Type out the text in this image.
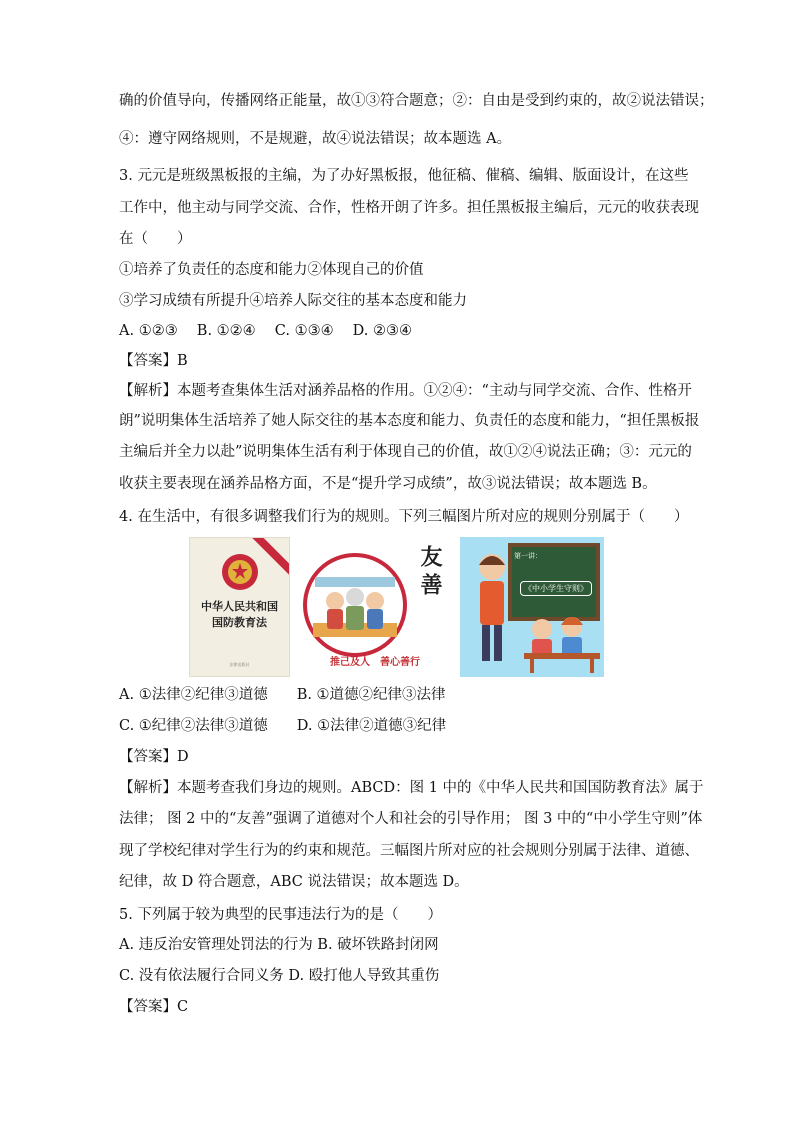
确的价值导向，传播网络正能量，故①③符合题意；②：自由是受到约束的，故②说法错误；
④：遵守网络规则，不是规避，故④说法错误；故本题选 A。
3. 元元是班级黑板报的主编，为了办好黑板报，他征稿、催稿、编辑、版面设计，在这些
工作中，他主动与同学交流、合作，性格开朗了许多。担任黑板报主编后，元元的收获表现
在（　　）
①培养了负责任的态度和能力②体现自己的价值
③学习成绩有所提升④培养人际交往的基本态度和能力
A. ①②③　 B. ①②④　 C. ①③④　 D. ②③④
【答案】B
【解析】本题考查集体生活对涵养品格的作用。①②④：“主动与同学交流、合作、性格开
朗”说明集体生活培养了她人际交往的基本态度和能力、负责任的态度和能力，“担任黑板报
主编后并全力以赴”说明集体生活有利于体现自己的价值，故①②④说法正确；③：元元的
收获主要表现在涵养品格方面，不是“提升学习成绩”，故③说法错误；故本题选 B。
4. 在生活中，有很多调整我们行为的规则。下列三幅图片所对应的规则分别属于（　　）
中华人民共和国
国防教育法
法律出版社
友善
推己及人　善心善行
第一讲：
《中小学生守则》
A. ①法律②纪律③道德　　B. ①道德②纪律③法律
C. ①纪律②法律③道德　　D. ①法律②道德③纪律
【答案】D
【解析】本题考查我们身边的规则。ABCD：图 1 中的《中华人民共和国国防教育法》属于
法律； 图 2 中的“友善”强调了道德对个人和社会的引导作用； 图 3 中的“中小学生守则”体
现了学校纪律对学生行为的约束和规范。三幅图片所对应的社会规则分别属于法律、道德、
纪律，故 D 符合题意，ABC 说法错误；故本题选 D。
5. 下列属于较为典型的民事违法行为的是（　　）
A. 违反治安管理处罚法的行为 B. 破坏铁路封闭网
C. 没有依法履行合同义务 D. 殴打他人导致其重伤
【答案】C
